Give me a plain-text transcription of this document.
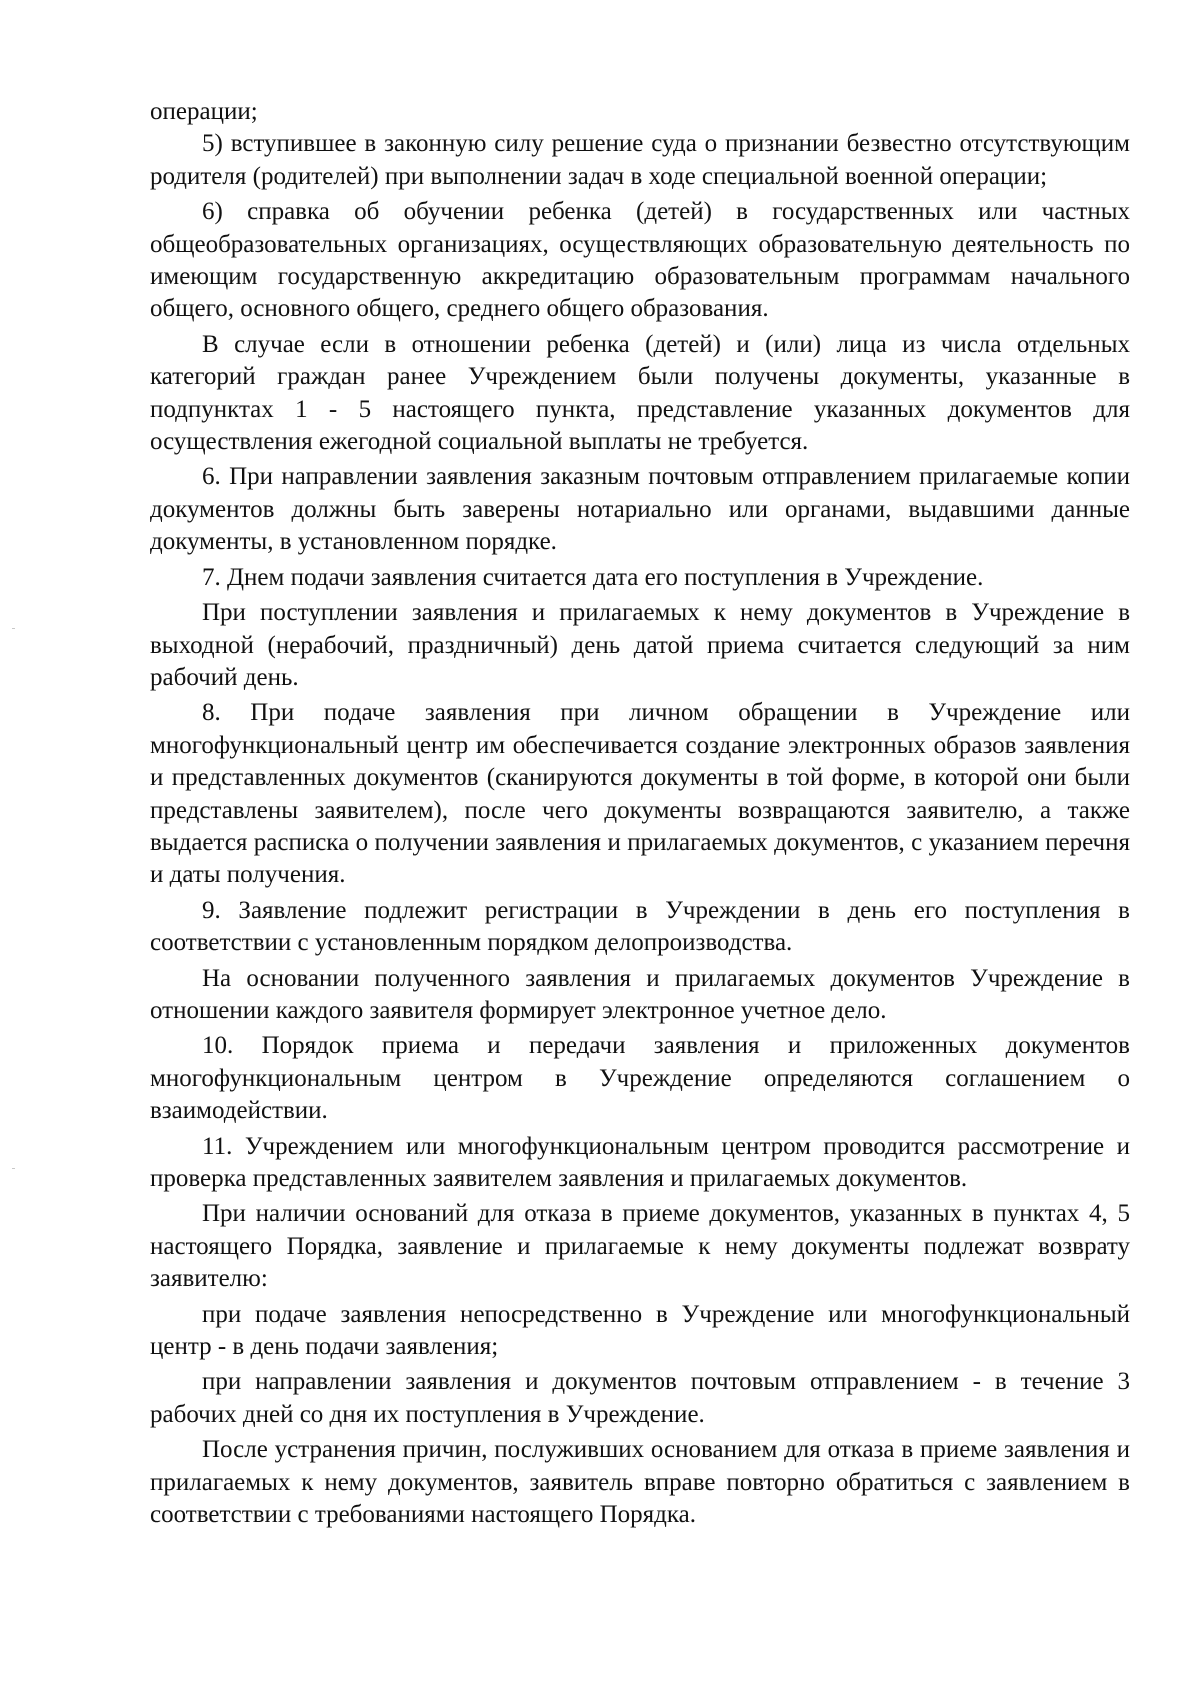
операции;

5) вступившее в законную силу решение суда о признании безвестно отсутствующим родителя (родителей) при выполнении задач в ходе специальной военной операции;

6) справка об обучении ребенка (детей) в государственных или частных общеобразовательных организациях, осуществляющих образовательную деятельность по имеющим государственную аккредитацию образовательным программам начального общего, основного общего, среднего общего образования.

В случае если в отношении ребенка (детей) и (или) лица из числа отдельных категорий граждан ранее Учреждением были получены документы, указанные в подпунктах 1 - 5 настоящего пункта, представление указанных документов для осуществления ежегодной социальной выплаты не требуется.

6. При направлении заявления заказным почтовым отправлением прилагаемые копии документов должны быть заверены нотариально или органами, выдавшими данные документы, в установленном порядке.

7. Днем подачи заявления считается дата его поступления в Учреждение.

При поступлении заявления и прилагаемых к нему документов в Учреждение в выходной (нерабочий, праздничный) день датой приема считается следующий за ним рабочий день.

8. При подаче заявления при личном обращении в Учреждение или многофункциональный центр им обеспечивается создание электронных образов заявления и представленных документов (сканируются документы в той форме, в которой они были представлены заявителем), после чего документы возвращаются заявителю, а также выдается расписка о получении заявления и прилагаемых документов, с указанием перечня и даты получения.

9. Заявление подлежит регистрации в Учреждении в день его поступления в соответствии с установленным порядком делопроизводства.

На основании полученного заявления и прилагаемых документов Учреждение в отношении каждого заявителя формирует электронное учетное дело.

10. Порядок приема и передачи заявления и приложенных документов многофункциональным центром в Учреждение определяются соглашением о взаимодействии.

11. Учреждением или многофункциональным центром проводится рассмотрение и проверка представленных заявителем заявления и прилагаемых документов.

При наличии оснований для отказа в приеме документов, указанных в пунктах 4, 5 настоящего Порядка, заявление и прилагаемые к нему документы подлежат возврату заявителю:

при подаче заявления непосредственно в Учреждение или многофункциональный центр - в день подачи заявления;

при направлении заявления и документов почтовым отправлением - в течение 3 рабочих дней со дня их поступления в Учреждение.

После устранения причин, послуживших основанием для отказа в приеме заявления и прилагаемых к нему документов, заявитель вправе повторно обратиться с заявлением в соответствии с требованиями настоящего Порядка.
